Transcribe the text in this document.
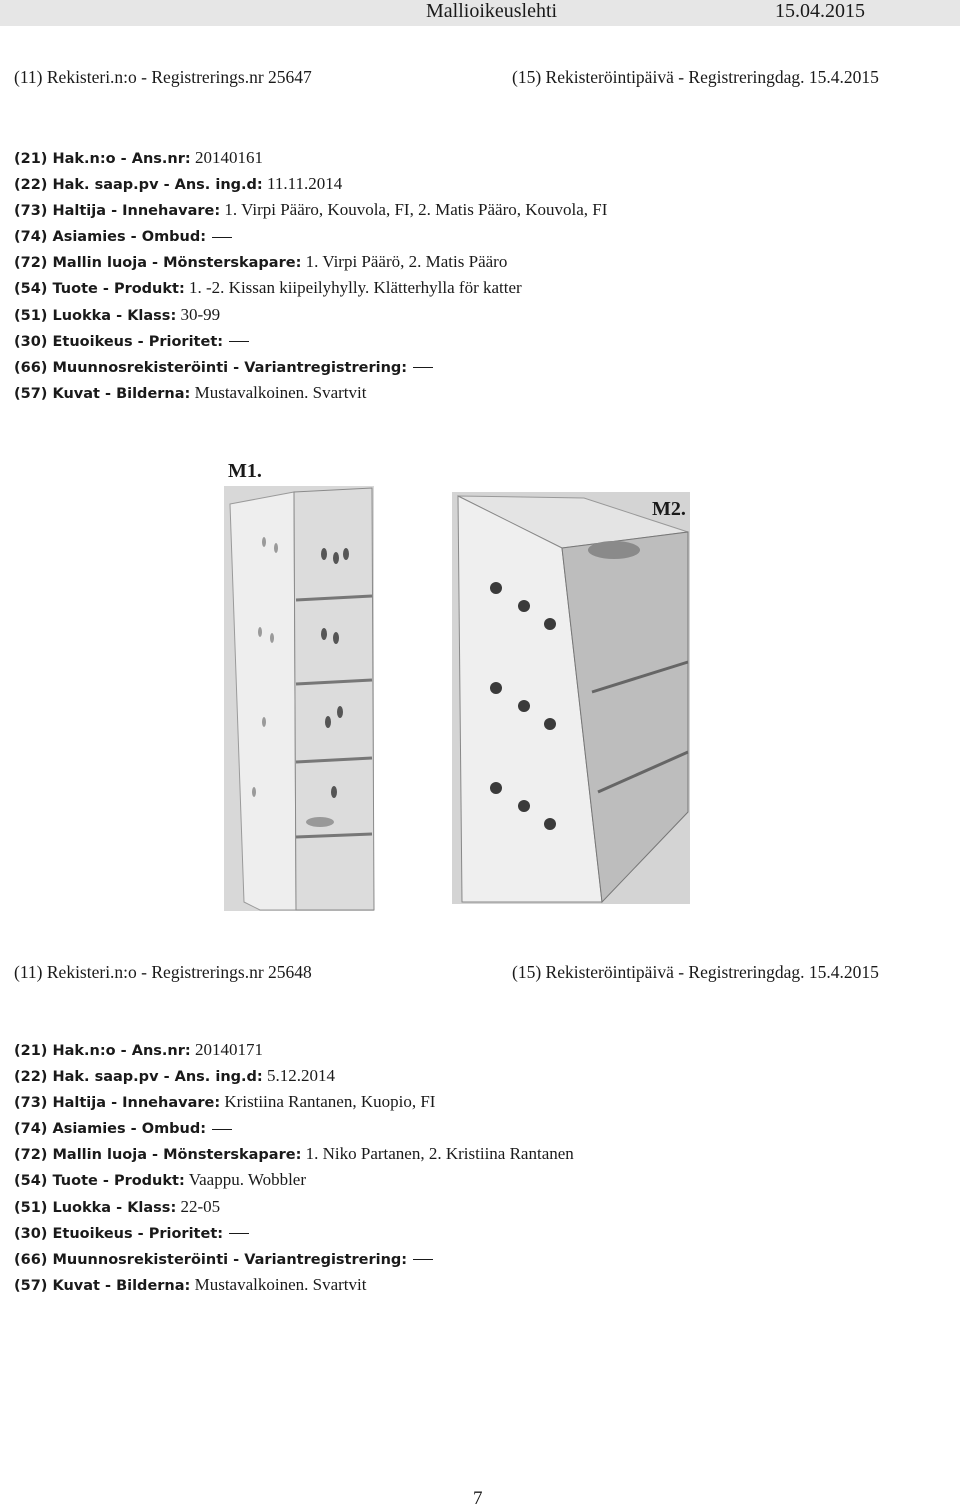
Mallioikeuslehti	15.04.2015
(11) Rekisteri.n:o - Registrerings.nr 25647	(15) Rekisteröintipäivä - Registreringdag. 15.4.2015
(21) Hak.n:o - Ans.nr: 20140161
(22) Hak. saap.pv - Ans. ing.d: 11.11.2014
(73) Haltija - Innehavare: 1. Virpi Pääro, Kouvola, FI, 2. Matis Pääro, Kouvola, FI
(74) Asiamies - Ombud:
(72) Mallin luoja - Mönsterskapare: 1. Virpi Päärö, 2. Matis Pääro
(54) Tuote - Produkt: 1. -2. Kissan kiipeilyhylly. Klätterhylla för katter
(51) Luokka - Klass: 30-99
(30) Etuoikeus - Prioritet:
(66) Muunnosrekisteröinti - Variantregistrering:
(57) Kuvat - Bilderna: Mustavalkoinen. Svartvit
M1.
M2.
(11) Rekisteri.n:o - Registrerings.nr 25648	(15) Rekisteröintipäivä - Registreringdag. 15.4.2015
(21) Hak.n:o - Ans.nr: 20140171
(22) Hak. saap.pv - Ans. ing.d: 5.12.2014
(73) Haltija - Innehavare: Kristiina Rantanen, Kuopio, FI
(74) Asiamies - Ombud:
(72) Mallin luoja - Mönsterskapare: 1. Niko Partanen, 2. Kristiina Rantanen
(54) Tuote - Produkt: Vaappu. Wobbler
(51) Luokka - Klass: 22-05
(30) Etuoikeus - Prioritet:
(66) Muunnosrekisteröinti - Variantregistrering:
(57) Kuvat - Bilderna: Mustavalkoinen. Svartvit
7
